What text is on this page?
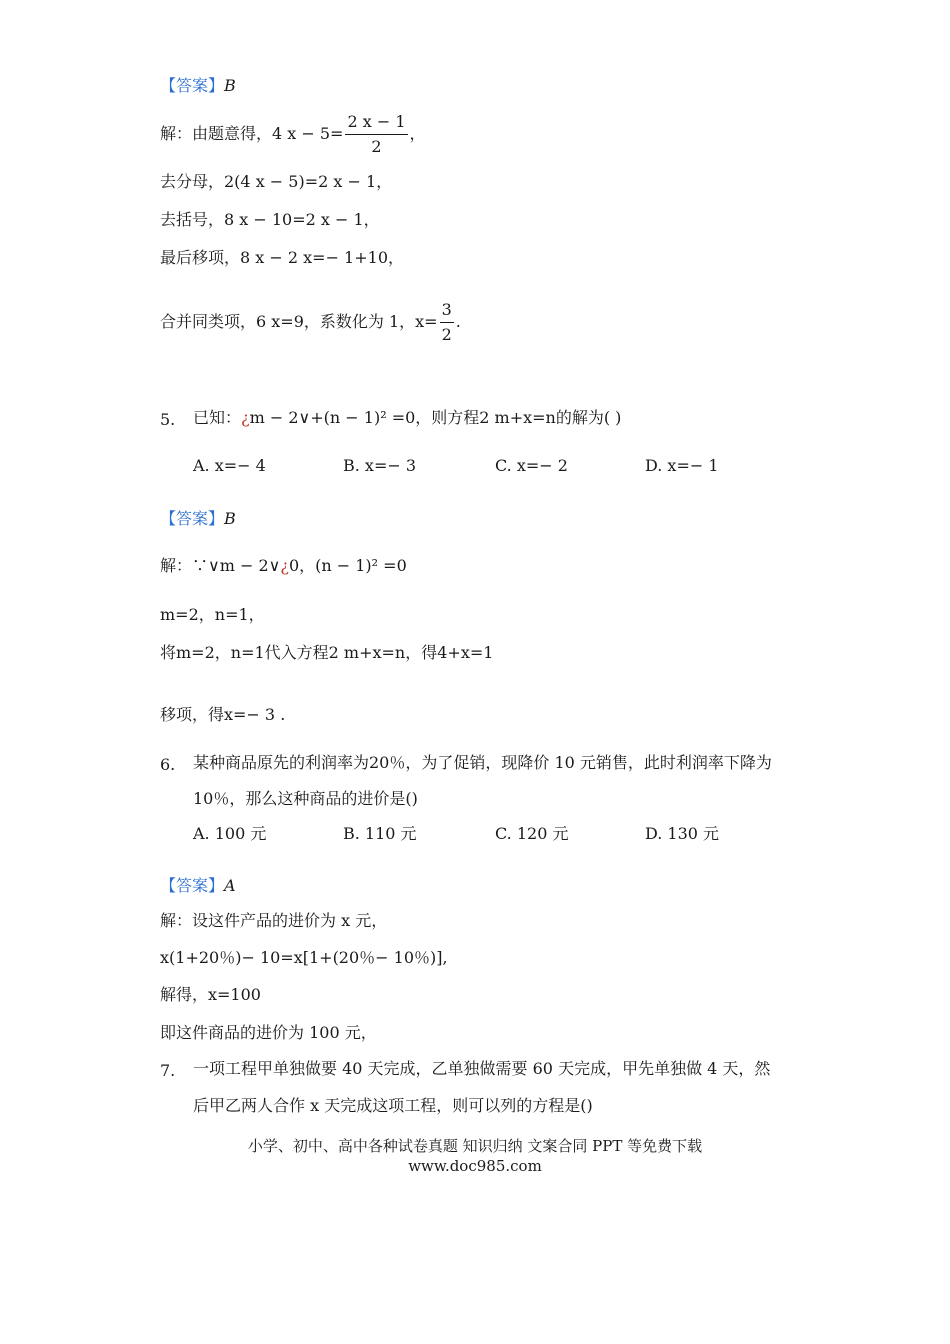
【答案】B
解：由题意得，4 $x - 5= \frac{2 x - 1}{2}$ ，
去分母，2(4 x − 5)=2 x − 1，
去括号，8 x − 10=2 x − 1，
最后移项，8 x − 2 x=− 1+10，
合并同类项，6 x=9，系数化为 1，$x= \frac{3}{2}$ .
5. 已知：¿m − 2∨+(n − 1)² =0，则方程2 m+x=n的解为( )
A. x=− 4	B. x=− 3	C. x=− 2	D. x=− 1
【答案】B
解：∵∨m − 2∨¿0，(n − 1)² =0
m=2，n=1，
将m=2，n=1代入方程2 m+x=n，得4+x=1
移项，得x=− 3 .
6. 某种商品原先的利润率为20％，为了促销，现降价 10 元销售，此时利润率下降为
10％，那么这种商品的进价是()
A. 100 元	B. 110 元	C. 120 元	D. 130 元
【答案】A
解：设这件产品的进价为 x 元，
x(1+20％)− 10=x[1+(20％− 10％)],
解得，x=100
即这件商品的进价为 100 元，
7. 一项工程甲单独做要 40 天完成，乙单独做需要 60 天完成，甲先单独做 4 天，然
后甲乙两人合作 x 天完成这项工程，则可以列的方程是()
小学、初中、高中各种试卷真题 知识归纳 文案合同 PPT 等免费下载
www.doc985.com
